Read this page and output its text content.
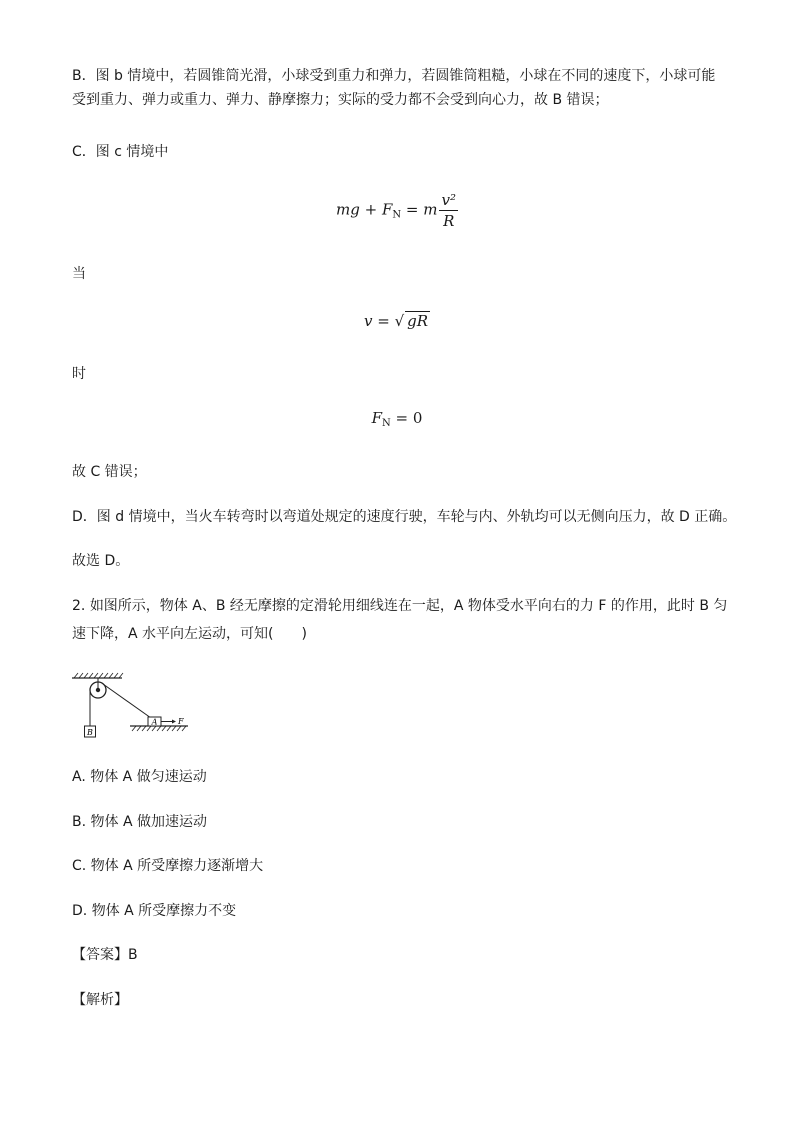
B．图 b 情境中，若圆锥筒光滑，小球受到重力和弹力，若圆锥筒粗糙，小球在不同的速度下，小球可能受到重力、弹力或重力、弹力、静摩擦力；实际的受力都不会受到向心力，故 B 错误；

C．图 c 情境中

mg + $F_N = m \frac{\text{v²}}{R}$

当

v = √ gR

时

$F_N = 0$

故 C 错误；

D．图 d 情境中，当火车转弯时以弯道处规定的速度行驶，车轮与内、外轨均可以无侧向压力，故 D 正确。

故选 D。

2. 如图所示，物体 A、B 经无摩擦的定滑轮用细线连在一起，A 物体受水平向右的力 F 的作用，此时 B 匀

速下降，A 水平向左运动，可知(　　)

B
A	F
A. 物体 A 做匀速运动
B. 物体 A 做加速运动
C. 物体 A 所受摩擦力逐渐增大
D. 物体 A 所受摩擦力不变

【答案】B

【解析】
